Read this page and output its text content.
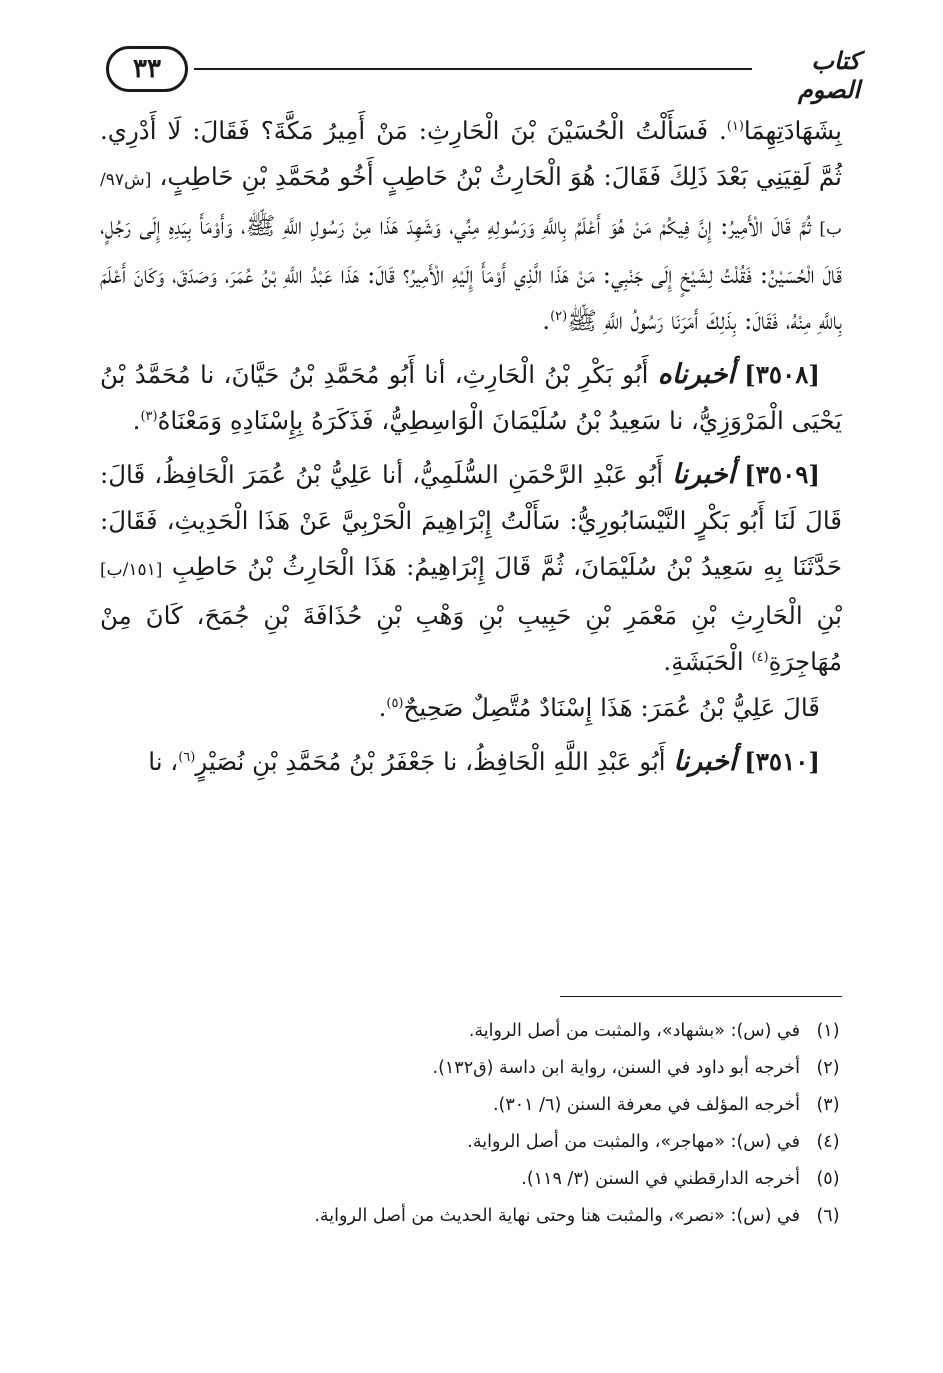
٣٣	كتاب الصوم

بِشَهَادَتِهِمَا$^{(١)}$. فَسَأَلْتُ الْحُسَيْنَ بْنَ الْحَارِثِ: مَنْ أَمِيرُ مَكَّةَ؟ فَقَالَ: لَا أَدْرِي. ثُمَّ لَقِيَنِي بَعْدَ ذَلِكَ فَقَالَ: هُوَ الْحَارِثُ بْنُ حَاطِبٍ أَخُو مُحَمَّدِ بْنِ حَاطِبٍ، [ش٩٧/ب] ثُمَّ قَالَ الْأَمِيرُ: إِنَّ فِيكُمْ مَنْ هُوَ أَعْلَمُ بِاللَّهِ وَرَسُولِهِ مِنِّي، وَشَهِدَ هَذَا مِنْ رَسُولِ اللَّهِ ﷺ، وَأَوْمَأَ بِيَدِهِ إِلَى رَجُلٍ، قَالَ الْحُسَيْنُ: فَقُلْتُ لِشَيْخٍ إِلَى جَنْبِي: مَنْ هَذَا الَّذِي أَوْمَأَ إِلَيْهِ الْأَمِيرُ؟ قَالَ: هَذَا عَبْدُ اللَّهِ بْنُ عُمَرَ، وَصَدَقَ، وَكَانَ أَعْلَمَ بِاللَّهِ مِنْهُ، فَقَالَ: بِذَلِكَ أَمَرَنَا رَسُولُ اللَّهِ ﷺ$^{(٢)}$.

[٣٥٠٨] أخبرناه أَبُو بَكْرِ بْنُ الْحَارِثِ، أنا أَبُو مُحَمَّدِ بْنُ حَيَّانَ، نا مُحَمَّدُ بْنُ يَحْيَى الْمَرْوَزِيُّ، نا سَعِيدُ بْنُ سُلَيْمَانَ الْوَاسِطِيُّ، فَذَكَرَهُ بِإِسْنَادِهِ وَمَعْنَاهُ$^{(٣)}$.

[٣٥٠٩] أخبرنا أَبُو عَبْدِ الرَّحْمَنِ السُّلَمِيُّ، أنا عَلِيُّ بْنُ عُمَرَ الْحَافِظُ، قَالَ: قَالَ لَنَا أَبُو بَكْرٍ النَّيْسَابُورِيُّ: سَأَلْتُ إِبْرَاهِيمَ الْحَرْبِيَّ عَنْ هَذَا الْحَدِيثِ، فَقَالَ: حَدَّثَنَا بِهِ سَعِيدُ بْنُ سُلَيْمَانَ، ثُمَّ قَالَ إِبْرَاهِيمُ: هَذَا الْحَارِثُ بْنُ حَاطِبِ [١٥١/ب] بْنِ الْحَارِثِ بْنِ مَعْمَرِ بْنِ حَبِيبِ بْنِ وَهْبِ بْنِ حُذَافَةَ بْنِ جُمَحَ، كَانَ مِنْ مُهَاجِرَةِ$^{(٤)}$ الْحَبَشَةِ.

قَالَ عَلِيُّ بْنُ عُمَرَ: هَذَا إِسْنَادٌ مُتَّصِلٌ صَحِيحٌ$^{(٥)}$.

[٣٥١٠] أخبرنا أَبُو عَبْدِ اللَّهِ الْحَافِظُ، نا جَعْفَرُ بْنُ مُحَمَّدِ بْنِ نُصَيْرٍ$^{(٦)}$، نا

(١)
في (س): «بشهاد»، والمثبت من أصل الرواية.
(٢)
أخرجه أبو داود في السنن، رواية ابن داسة (ق١٣٢).
(٣)
أخرجه المؤلف في معرفة السنن (٦/ ٣٠١).
(٤)
في (س): «مهاجر»، والمثبت من أصل الرواية.
(٥)
أخرجه الدارقطني في السنن (٣/ ١١٩).
(٦)
في (س): «نصر»، والمثبت هنا وحتى نهاية الحديث من أصل الرواية.
